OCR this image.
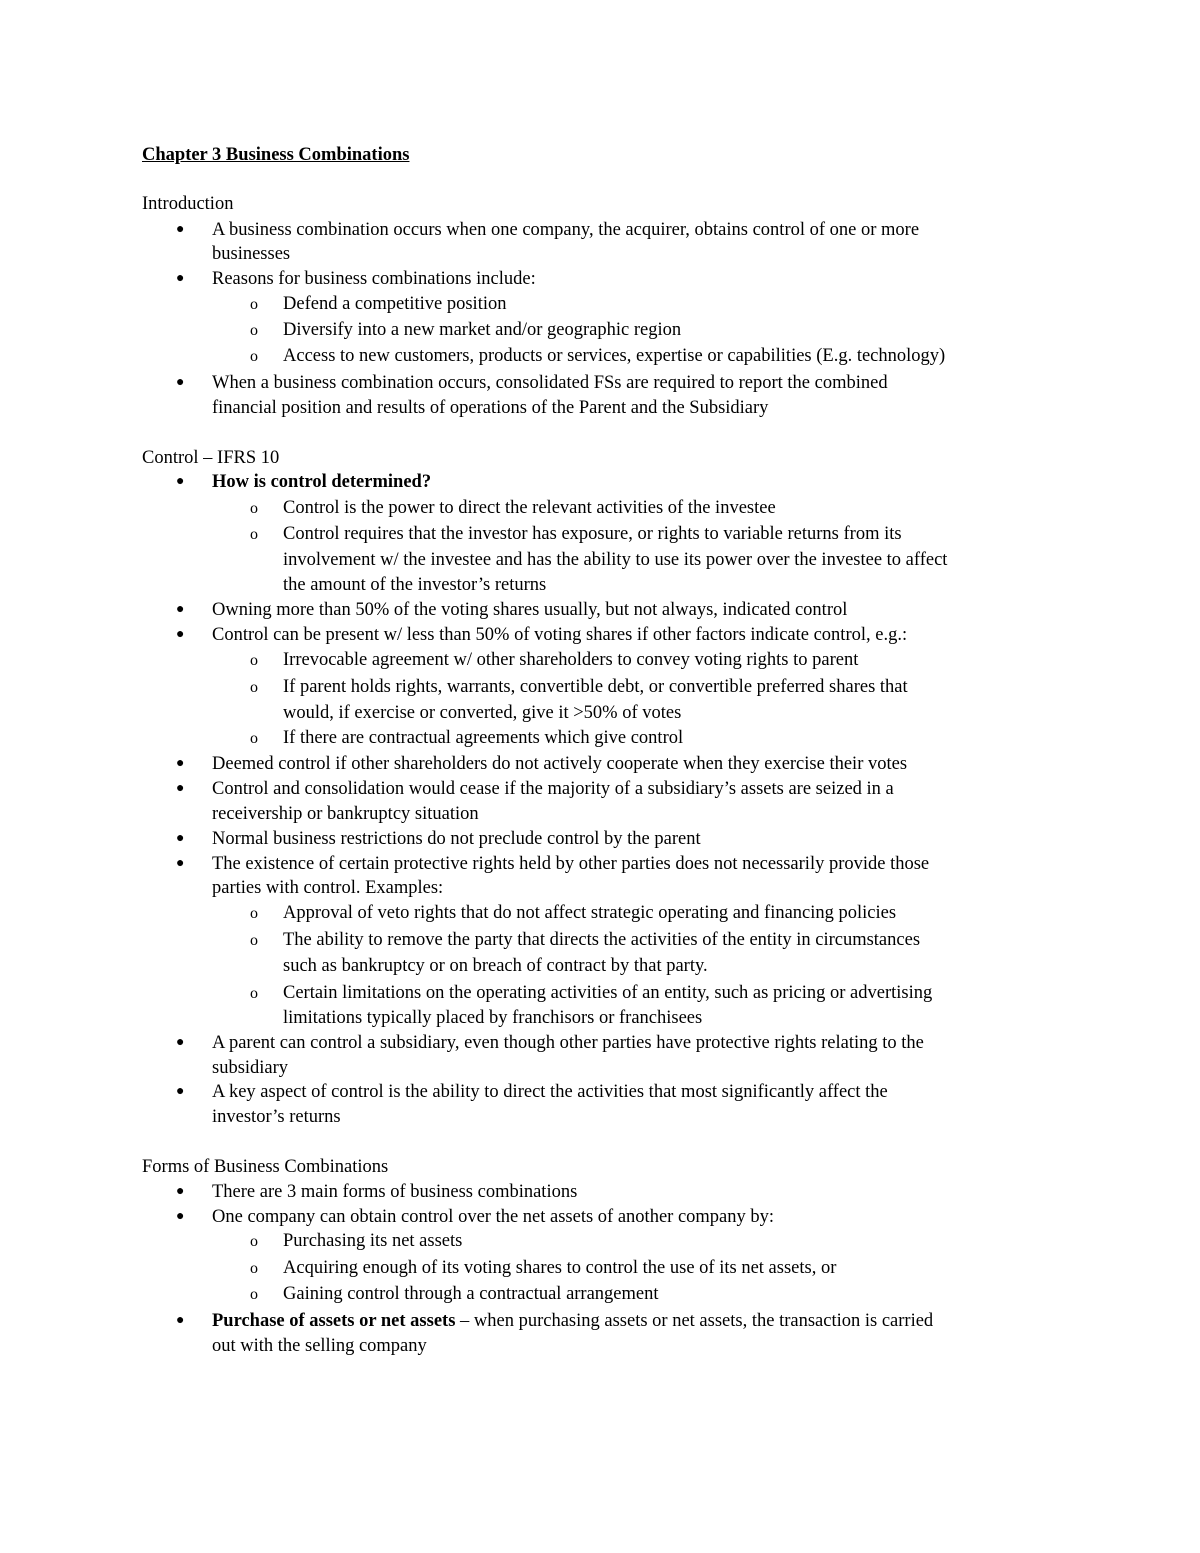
Chapter 3 Business Combinations
Introduction
● A business combination occurs when one company, the acquirer, obtains control of one or more
businesses
● Reasons for business combinations include:
o Defend a competitive position
o Diversify into a new market and/or geographic region
o Access to new customers, products or services, expertise or capabilities (E.g. technology)
● When a business combination occurs, consolidated FSs are required to report the combined
financial position and results of operations of the Parent and the Subsidiary
Control – IFRS 10
● How is control determined?
o Control is the power to direct the relevant activities of the investee
o Control requires that the investor has exposure, or rights to variable returns from its
involvement w/ the investee and has the ability to use its power over the investee to affect
the amount of the investor’s returns
● Owning more than 50% of the voting shares usually, but not always, indicated control
● Control can be present w/ less than 50% of voting shares if other factors indicate control, e.g.:
o Irrevocable agreement w/ other shareholders to convey voting rights to parent
o If parent holds rights, warrants, convertible debt, or convertible preferred shares that
would, if exercise or converted, give it >50% of votes
o If there are contractual agreements which give control
● Deemed control if other shareholders do not actively cooperate when they exercise their votes
● Control and consolidation would cease if the majority of a subsidiary’s assets are seized in a
receivership or bankruptcy situation
● Normal business restrictions do not preclude control by the parent
● The existence of certain protective rights held by other parties does not necessarily provide those
parties with control. Examples:
o Approval of veto rights that do not affect strategic operating and financing policies
o The ability to remove the party that directs the activities of the entity in circumstances
such as bankruptcy or on breach of contract by that party.
o Certain limitations on the operating activities of an entity, such as pricing or advertising
limitations typically placed by franchisors or franchisees
● A parent can control a subsidiary, even though other parties have protective rights relating to the
subsidiary
● A key aspect of control is the ability to direct the activities that most significantly affect the
investor’s returns
Forms of Business Combinations
● There are 3 main forms of business combinations
● One company can obtain control over the net assets of another company by:
o Purchasing its net assets
o Acquiring enough of its voting shares to control the use of its net assets, or
o Gaining control through a contractual arrangement
● Purchase of assets or net assets – when purchasing assets or net assets, the transaction is carried
out with the selling company
